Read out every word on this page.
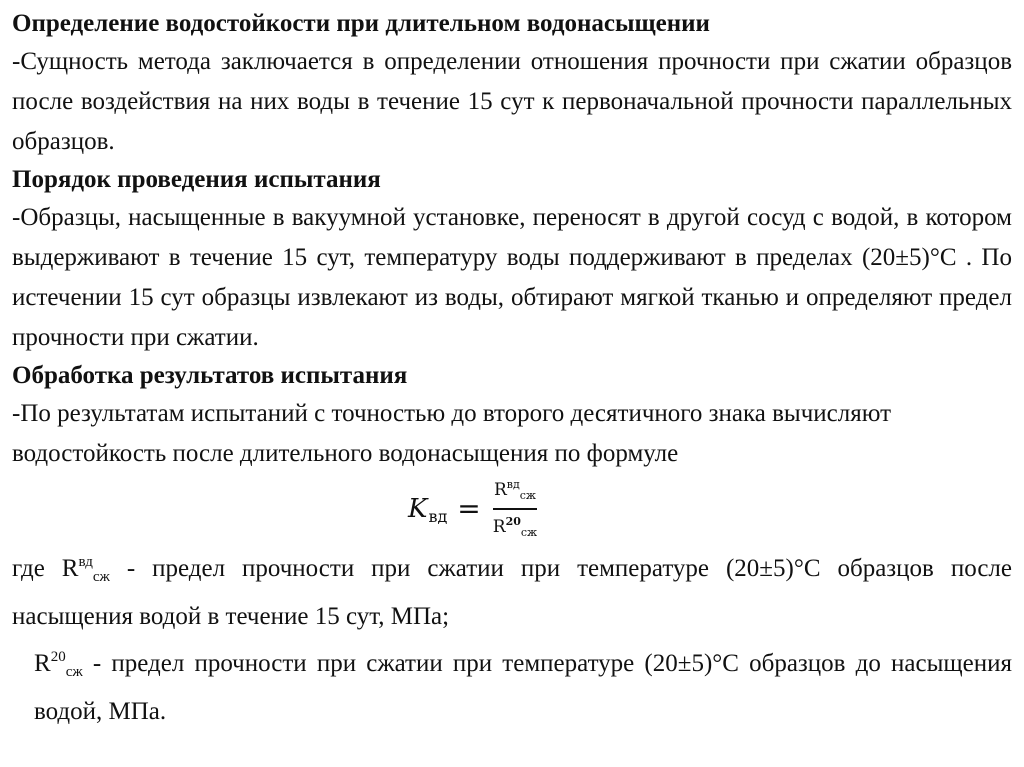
Определение водостойкости при длительном водонасыщении

-Сущность метода заключается в определении отношения прочности при сжатии образцов после воздействия на них воды в течение 15 сут к первоначальной прочности параллельных образцов.

Порядок проведения испытания

-Образцы, насыщенные в вакуумной установке, переносят в другой сосуд с водой, в котором выдерживают в течение 15 сут, температуру воды поддерживают в пределах (20±5)°C . По истечении 15 сут образцы извлекают из воды, обтирают мягкой тканью и определяют предел прочности при сжатии.

Обработка результатов испытания

-По результатам испытаний с точностью до второго десятичного знака вычисляют водостойкость после длительного водонасыщения по формуле

K вд = $\frac{R^{вд}_{сж}}{R^{20}_{сж}}$

где $R^{вд}_{сж}$ - предел прочности при сжатии при температуре (20±5)°С образцов после насыщения водой в течение 15 сут, МПа;

$R^{20}_{сж}$ - предел прочности при сжатии при температуре (20±5)°С образцов до насыщения водой, МПа.
